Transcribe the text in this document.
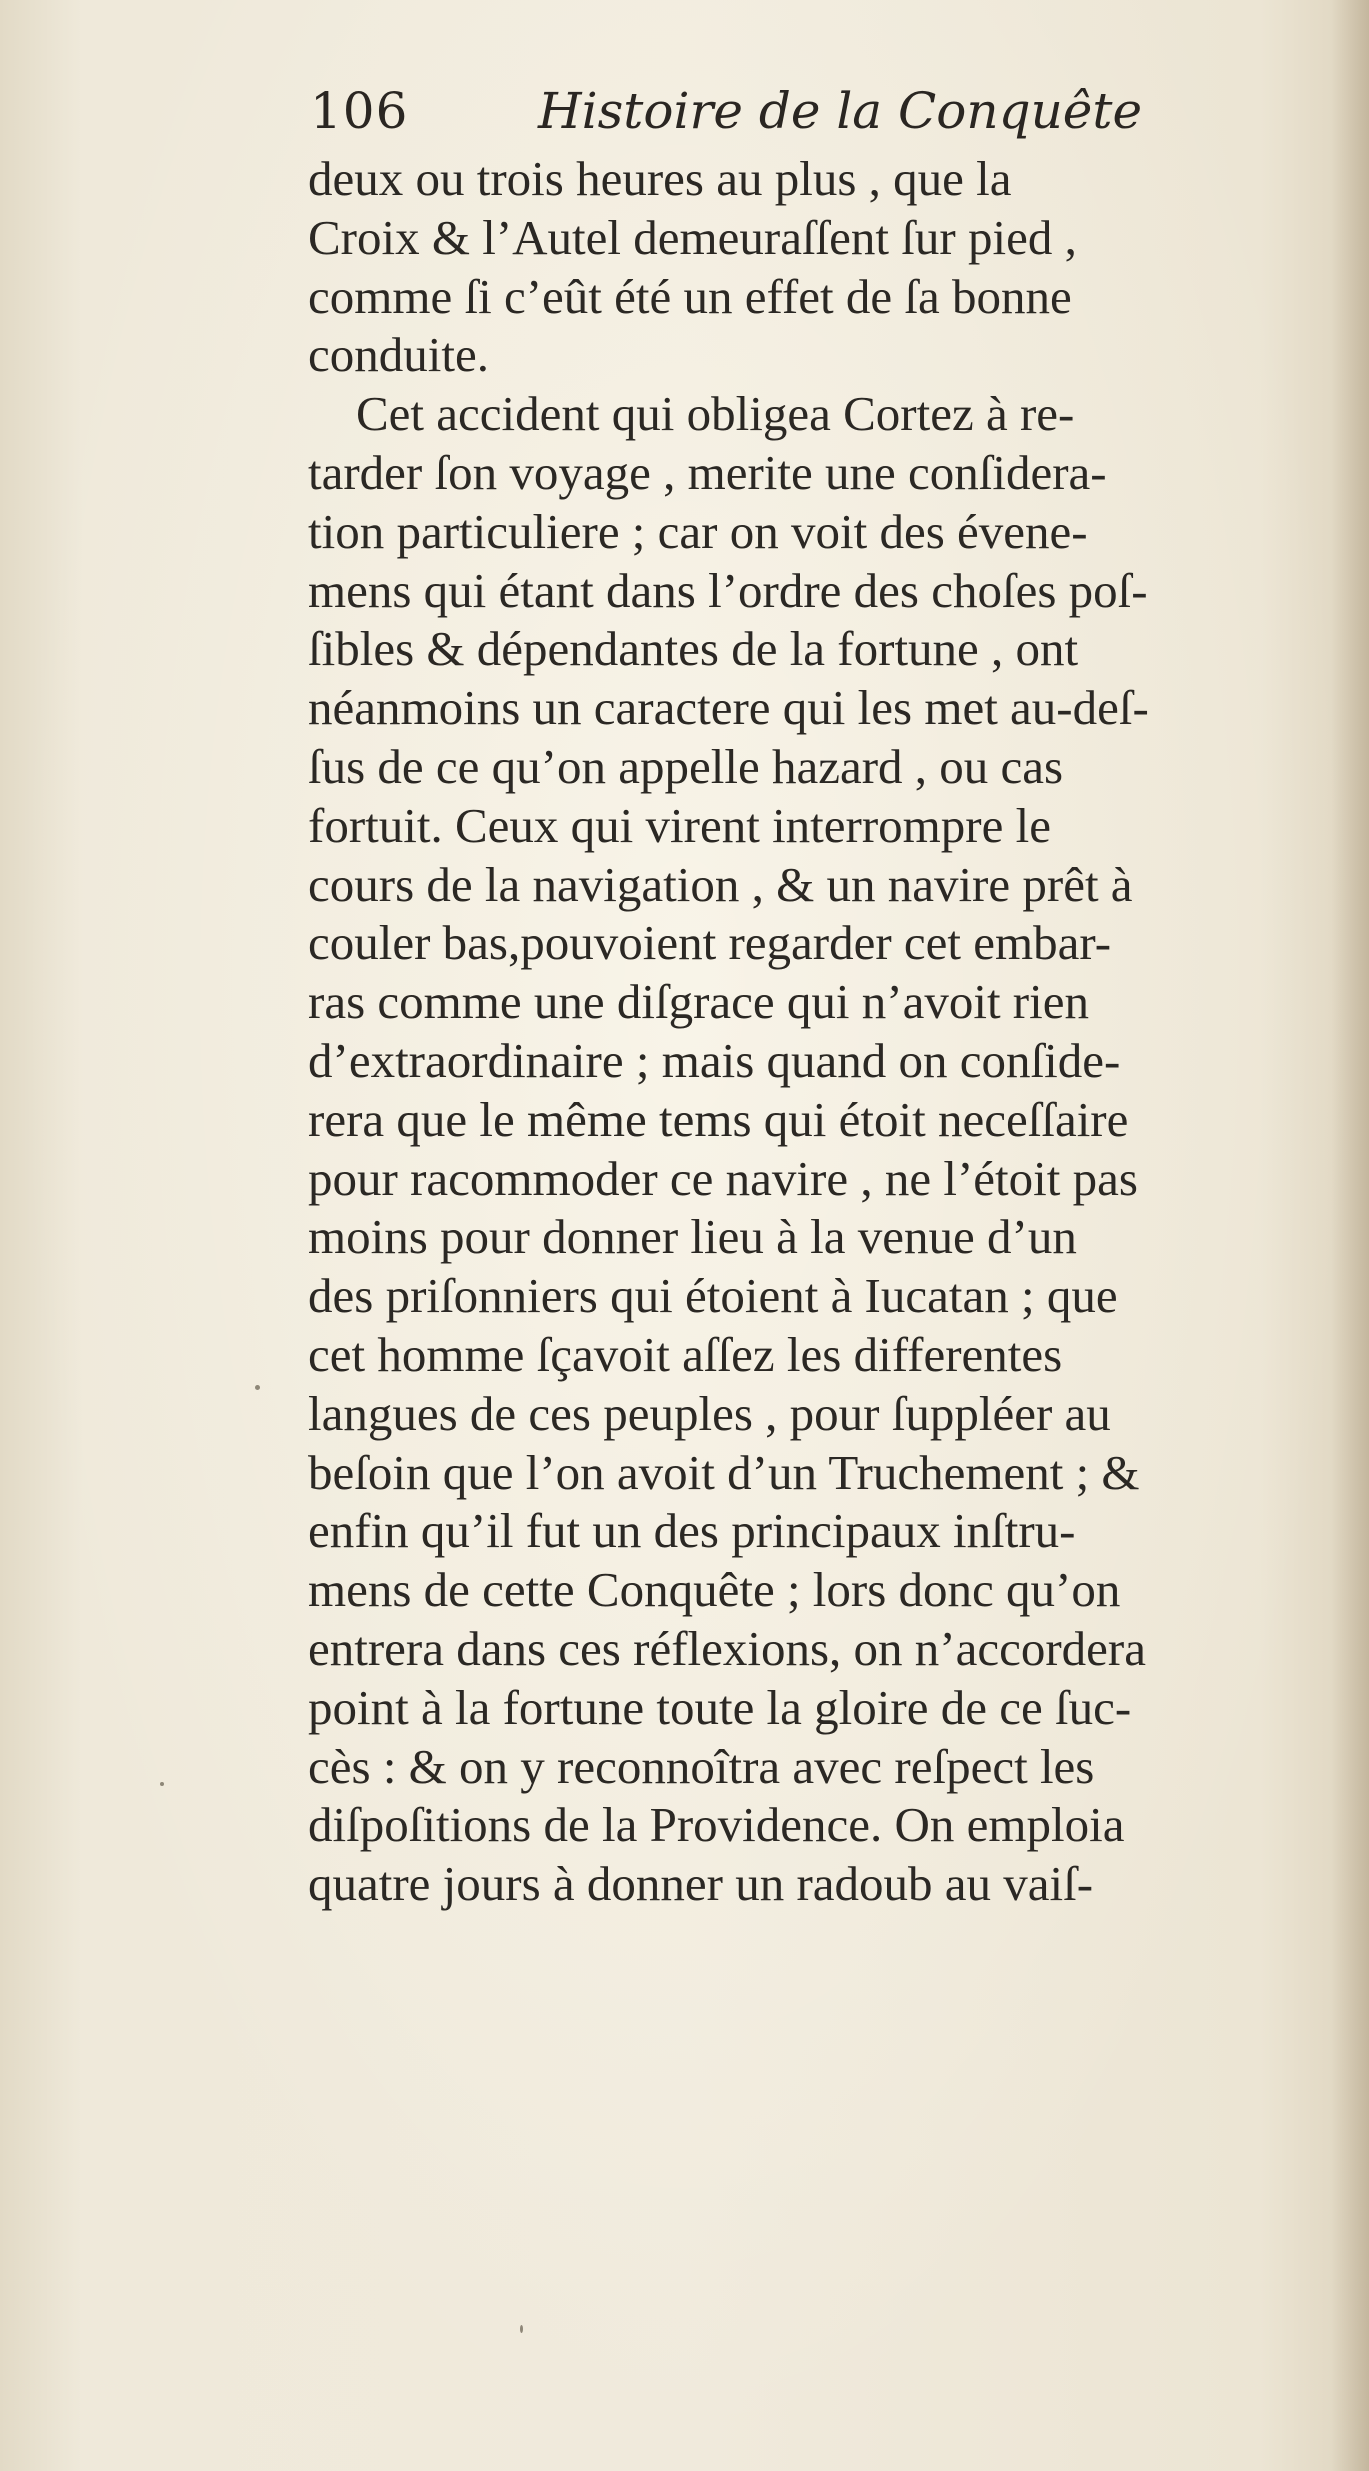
106	Histoire de la Conquête
deux ou trois heures au plus , que la
Croix & l’Autel demeuraſſent ſur pied ,
comme ſi c’eût été un effet de ſa bonne
conduite.
Cet accident qui obligea Cortez à re-
tarder ſon voyage , merite une conſidera-
tion particuliere ; car on voit des évene-
mens qui étant dans l’ordre des choſes poſ-
ſibles & dépendantes de la fortune , ont
néanmoins un caractere qui les met au-deſ-
ſus de ce qu’on appelle hazard , ou cas
fortuit. Ceux qui virent interrompre le
cours de la navigation , & un navire prêt à
couler bas,pouvoient regarder cet embar-
ras comme une diſgrace qui n’avoit rien
d’extraordinaire ; mais quand on conſide-
rera que le même tems qui étoit neceſſaire
pour racommoder ce navire , ne l’étoit pas
moins pour donner lieu à la venue d’un
des priſonniers qui étoient à Iucatan ; que
cet homme ſçavoit aſſez les differentes
langues de ces peuples , pour ſuppléer au
beſoin que l’on avoit d’un Truchement ; &
enfin qu’il fut un des principaux inſtru-
mens de cette Conquête ; lors donc qu’on
entrera dans ces réflexions, on n’accordera
point à la fortune toute la gloire de ce ſuc-
cès : & on y reconnoîtra avec reſpect les
diſpoſitions de la Providence. On emploia
quatre jours à donner un radoub au vaiſ-
